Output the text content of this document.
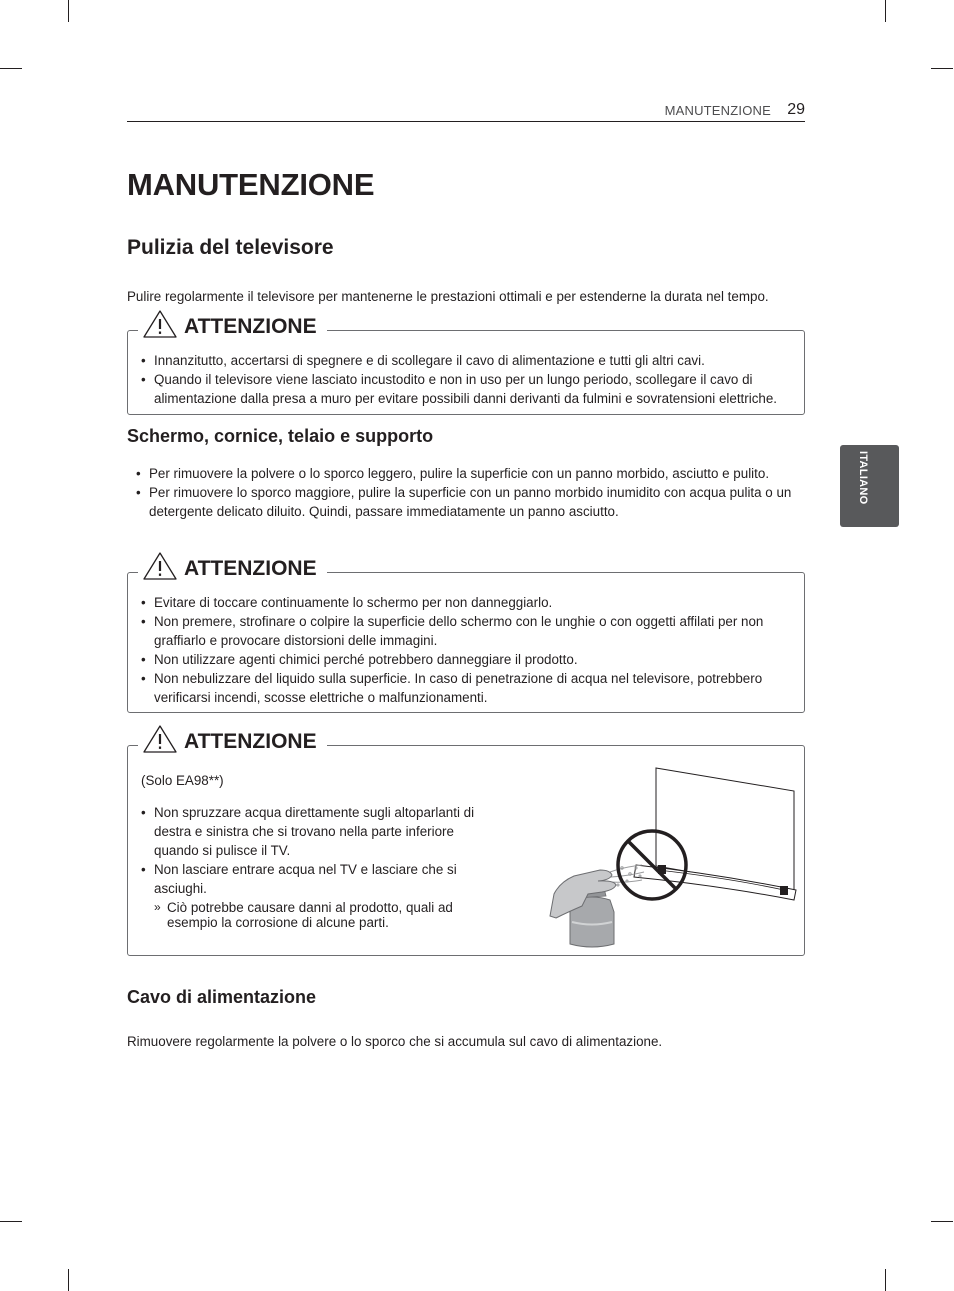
MANUTENZIONE 29
ITALIANO
MANUTENZIONE
Pulizia del televisore

Pulire regolarmente il televisore per mantenerne le prestazioni ottimali e per estenderne la durata nel tempo.

ATTENZIONE
• Innanzitutto, accertarsi di spegnere e di scollegare il cavo di alimentazione e tutti gli altri cavi.
• Quando il televisore viene lasciato incustodito e non in uso per un lungo periodo, scollegare il cavo di alimentazione dalla presa a muro per evitare possibili danni derivanti da fulmini e sovratensioni elettriche.
Schermo, cornice, telaio e supporto
• Per rimuovere la polvere o lo sporco leggero, pulire la superficie con un panno morbido, asciutto e pulito.
• Per rimuovere lo sporco maggiore, pulire la superficie con un panno morbido inumidito con acqua pulita o un detergente delicato diluito. Quindi, passare immediatamente un panno asciutto.
ATTENZIONE
• Evitare di toccare continuamente lo schermo per non danneggiarlo.
• Non premere, strofinare o colpire la superficie dello schermo con le unghie o con oggetti affilati per non graffiarlo e provocare distorsioni delle immagini.
• Non utilizzare agenti chimici perché potrebbero danneggiare il prodotto.
• Non nebulizzare del liquido sulla superficie. In caso di penetrazione di acqua nel televisore, potrebbero verificarsi incendi, scosse elettriche o malfunzionamenti.
ATTENZIONE
(Solo EA98**)
• Non spruzzare acqua direttamente sugli altoparlanti di destra e sinistra che si trovano nella parte inferiore quando si pulisce il TV.
• Non lasciare entrare acqua nel TV e lasciare che si asciughi.
» Ciò potrebbe causare danni al prodotto, quali ad esempio la corrosione di alcune parti.
Cavo di alimentazione

Rimuovere regolarmente la polvere o lo sporco che si accumula sul cavo di alimentazione.
